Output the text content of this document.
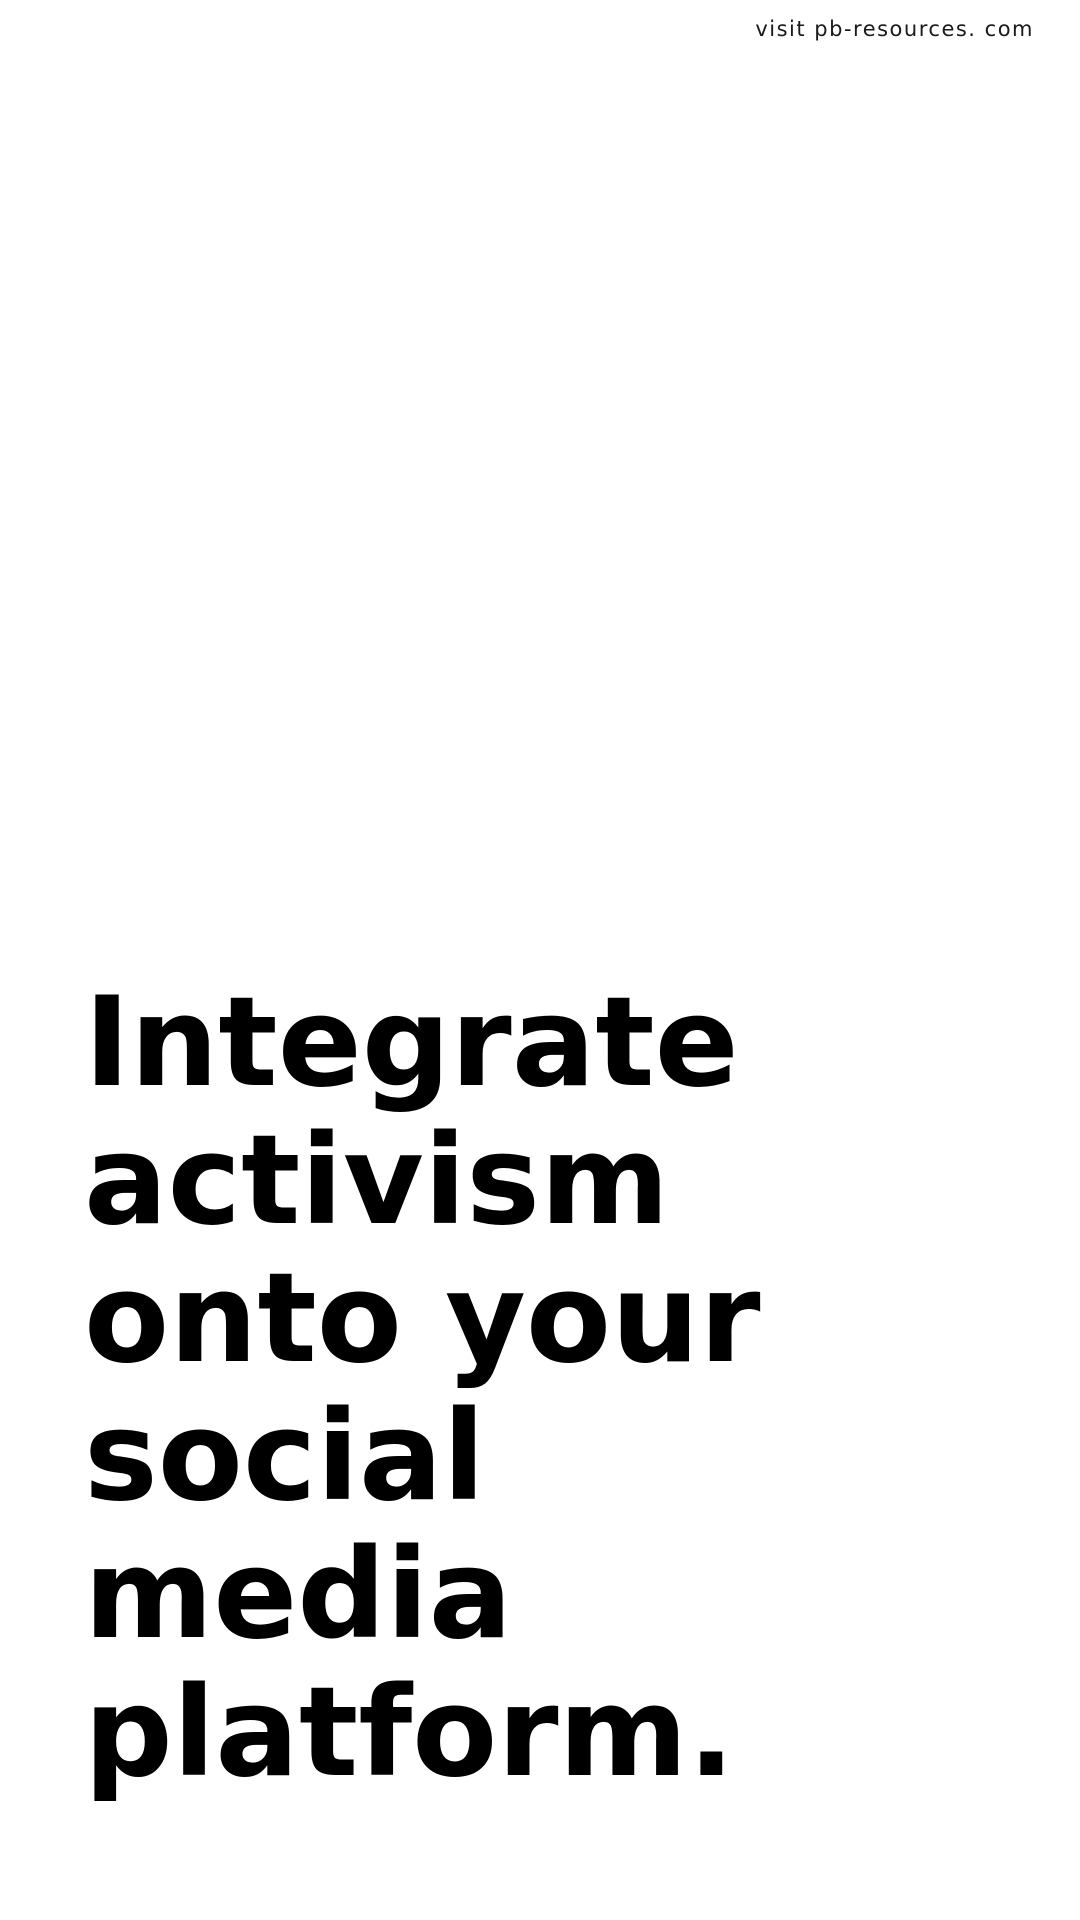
visit pb-resources. com
Integrate
activism
onto your
social
media
platform.
